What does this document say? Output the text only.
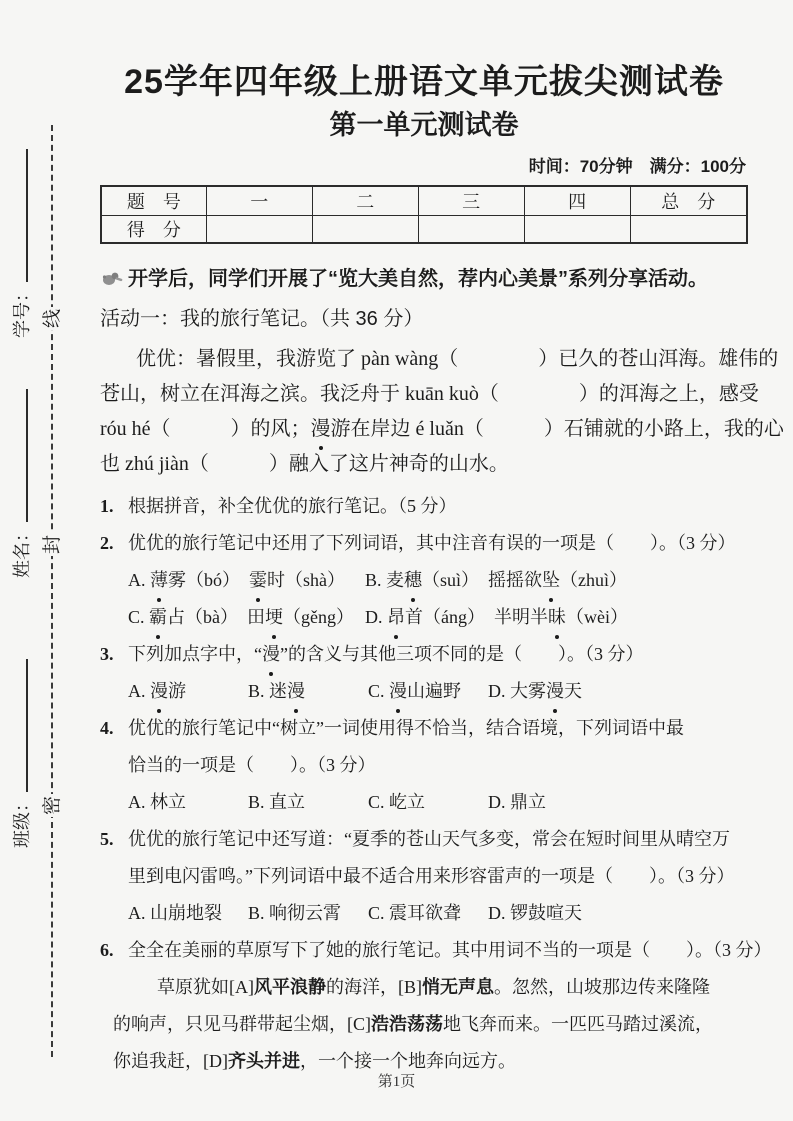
学号：
姓名：
班级：
线
封
密
25学年四年级上册语文单元拔尖测试卷
第一单元测试卷
时间：70分钟　满分：100分
题　号	一	二	三	四	总　分
得　分					
开学后，同学们开展了“览大美自然，荐内心美景”系列分享活动。
活动一：我的旅行笔记。（共 36 分）
优优：暑假里，我游览了 pàn wàng（　　　　）已久的苍山洱海。雄伟的
苍山，树立在洱海之滨。我泛舟于 kuān kuò（　　　　）的洱海之上，感受
róu hé（　　　）的风；漫游在岸边 é luǎn（　　　）石铺就的小路上，我的心
也 zhú jiàn（　　　）融入了这片神奇的山水。
1. 根据拼音，补全优优的旅行笔记。（5 分）
2. 优优的旅行笔记中还用了下列词语，其中注音有误的一项是（　　）。（3 分）
A. 薄雾（bó）　霎时（shà）	B. 麦穗（suì）　摇摇欲坠（zhuì）
C. 霸占（bà）　田埂（gěng） D. 昂首（áng）　半明半昧（wèi）
3. 下列加点字中，“漫”的含义与其他三项不同的是（　　）。（3 分）
A. 漫游	B. 迷漫	C. 漫山遍野	D. 大雾漫天
4. 优优的旅行笔记中“树立”一词使用得不恰当，结合语境，下列词语中最
恰当的一项是（　　）。（3 分）
A. 林立	B. 直立	C. 屹立	D. 鼎立
5. 优优的旅行笔记中还写道：“夏季的苍山天气多变，常会在短时间里从晴空万
里到电闪雷鸣。”下列词语中最不适合用来形容雷声的一项是（　　）。（3 分）
A. 山崩地裂	B. 响彻云霄	C. 震耳欲聋	D. 锣鼓喧天
6. 全全在美丽的草原写下了她的旅行笔记。其中用词不当的一项是（　　）。（3 分）
草原犹如[A]风平浪静的海洋，[B]悄无声息。忽然，山坡那边传来隆隆
的响声，只见马群带起尘烟，[C]浩浩荡荡地飞奔而来。一匹匹马踏过溪流，
你追我赶，[D]齐头并进，一个接一个地奔向远方。
第1页
